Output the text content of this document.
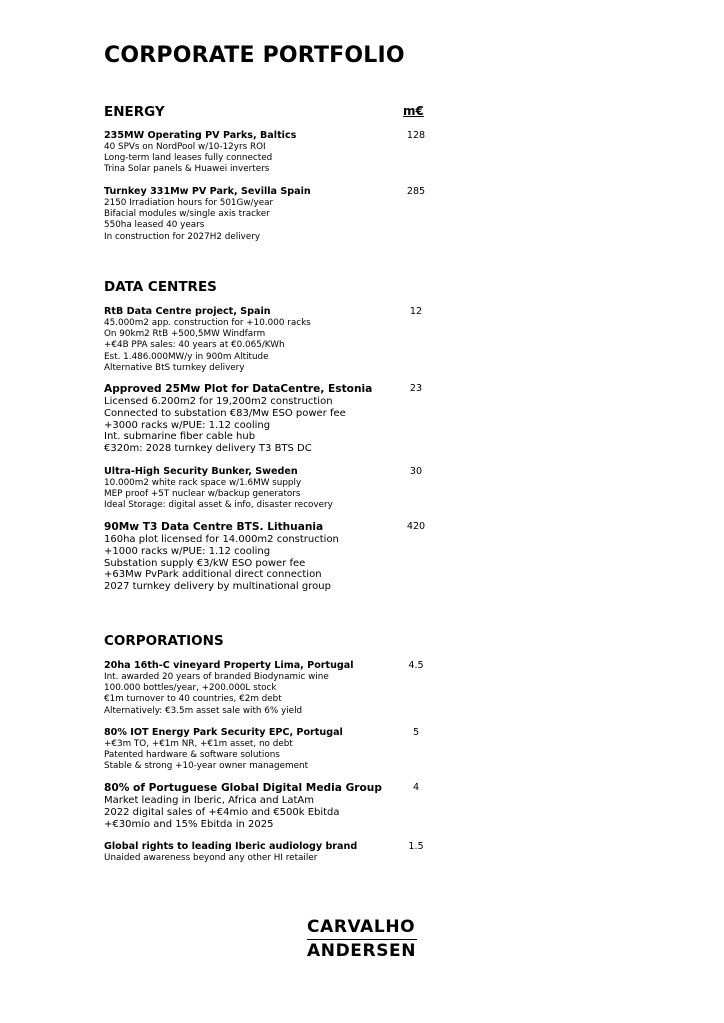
CORPORATE PORTFOLIO
m€
ENERGY
235MW Operating PV Parks, Baltics	128
40 SPVs on NordPool w/10-12yrs ROI
Long-term land leases fully connected
Trina Solar panels & Huawei inverters
Turnkey 331Mw PV Park, Sevilla Spain	285
2150 Irradiation hours for 501Gw/year
Bifacial modules w/single axis tracker
550ha leased 40 years
In construction for 2027H2 delivery
DATA CENTRES
RtB Data Centre project, Spain	12
45.000m2 app. construction for +10.000 racks
On 90km2 RtB +500,5MW Windfarm
+€4B PPA sales: 40 years at €0.065/KWh
Est. 1.486.000MW/y in 900m Altitude
Alternative BtS turnkey delivery
Approved 25Mw Plot for DataCentre, Estonia	23
Licensed 6.200m2 for 19,200m2 construction
Connected to substation €83/Mw ESO power fee
+3000 racks w/PUE: 1.12 cooling
Int. submarine fiber cable hub
€320m: 2028 turnkey delivery T3 BTS DC
Ultra-High Security Bunker, Sweden	30
10.000m2 white rack space w/1.6MW supply
MEP proof +5T nuclear w/backup generators
Ideal Storage: digital asset & info, disaster recovery
90Mw T3 Data Centre BTS. Lithuania	420
160ha plot licensed for 14.000m2 construction
+1000 racks w/PUE: 1.12 cooling
Substation supply €3/kW ESO power fee
+63Mw PvPark additional direct connection
2027 turnkey delivery by multinational group
CORPORATIONS
20ha 16th-C vineyard Property Lima, Portugal	4.5
Int. awarded 20 years of branded Biodynamic wine
100.000 bottles/year, +200.000L stock
€1m turnover to 40 countries, €2m debt
Alternatively: €3.5m asset sale with 6% yield
80% IOT Energy Park Security EPC, Portugal	5
+€3m TO, +€1m NR, +€1m asset, no debt
Patented hardware & software solutions
Stable & strong +10-year owner management
80% of Portuguese Global Digital Media Group	4
Market leading in Iberic, Africa and LatAm
2022 digital sales of +€4mio and €500k Ebitda
+€30mio and 15% Ebitda in 2025
Global rights to leading Iberic audiology brand	1.5
Unaided awareness beyond any other HI retailer
CARVALHO
ANDERSEN
